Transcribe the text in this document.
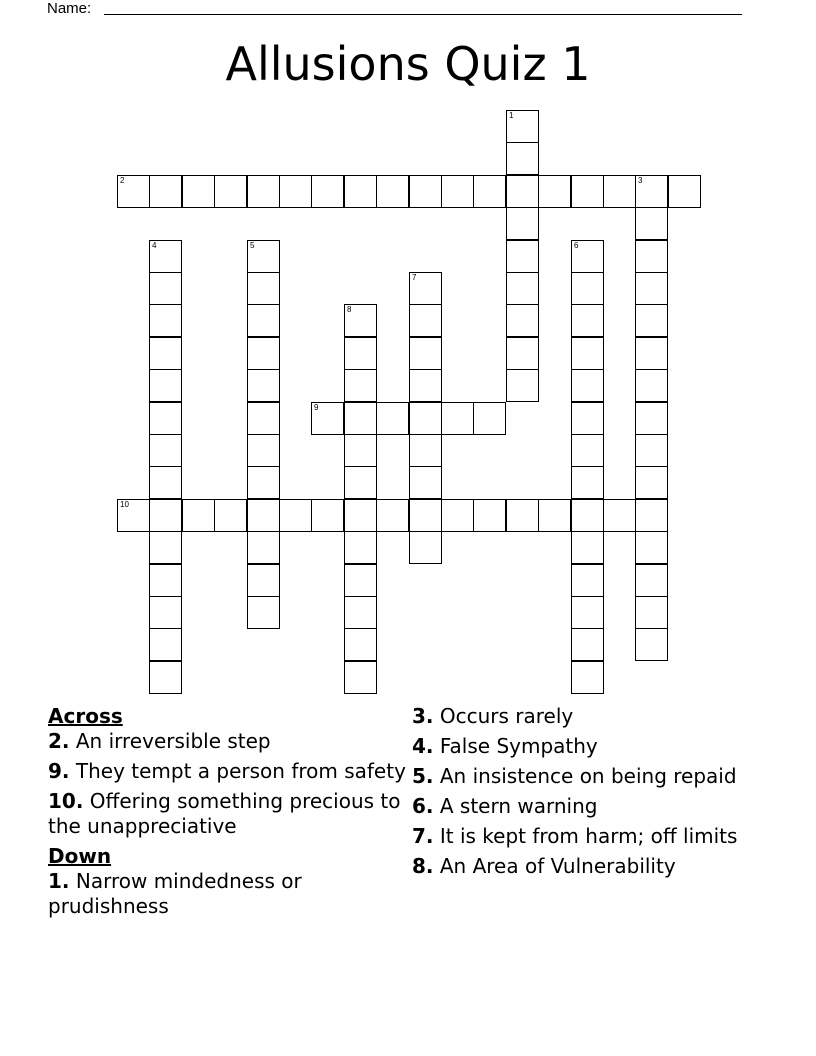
Name:
Allusions Quiz 1
2	3
9
10
1
4	5	6
7
8
Across
2. An irreversible step
9. They tempt a person from safety
10. Offering something precious to the unappreciative
Down
1. Narrow mindedness or prudishness
3. Occurs rarely
4. False Sympathy
5. An insistence on being repaid
6. A stern warning
7. It is kept from harm; off limits
8. An Area of Vulnerability
